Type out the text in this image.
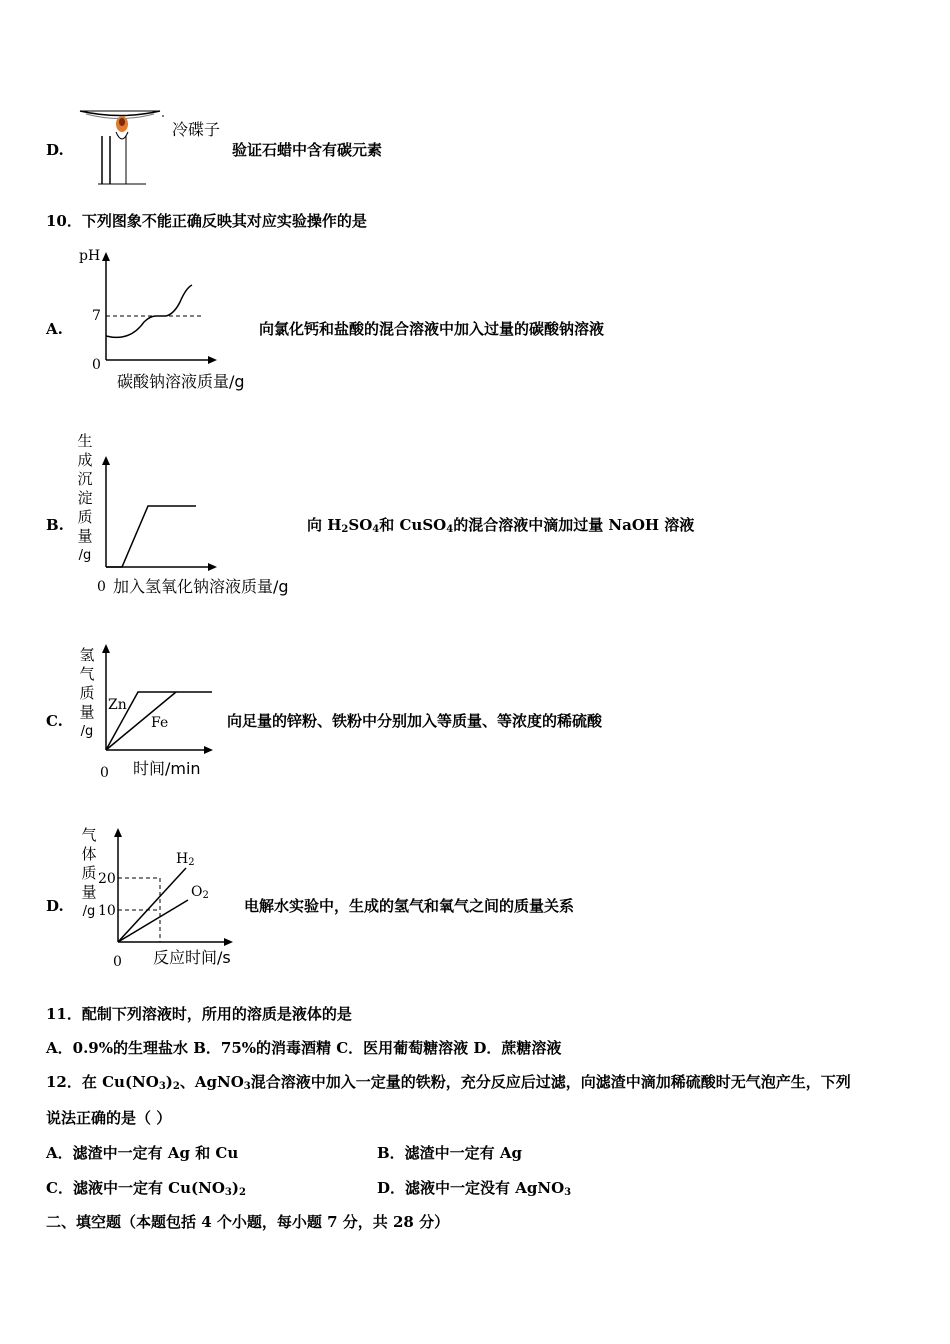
D.
冷碟子
验证石蜡中含有碳元素
10．下列图象不能正确反映其对应实验操作的是
A.
pH
7
0
碳酸钠溶液质量/g
向氯化钙和盐酸的混合溶液中加入过量的碳酸钠溶液
B.
生
成
沉
淀
质
量
/g
0 加入氢氧化钠溶液质量/g
向 $H_2SO_4$和 CuSO$_4$的混合溶液中滴加过量 NaOH 溶液
C.
氢
气
质
量
/g
Zn
Fe
0 时间/min
向足量的锌粉、铁粉中分别加入等质量、等浓度的稀硫酸
D.
气
体
质
量
/g
20
10
$H_2$
$O_2$
0 反应时间/s
电解水实验中，生成的氢气和氧气之间的质量关系
11．配制下列溶液时，所用的溶质是液体的是
A．0.9%的生理盐水 B．75%的消毒酒精 C．医用葡萄糖溶液 D．蔗糖溶液
12．在 $Cu(NO_3)_2$、AgNO$_3$混合溶液中加入一定量的铁粉，充分反应后过滤，向滤渣中滴加稀硫酸时无气泡产生，下列
说法正确的是（ ）
A．滤渣中一定有 Ag 和 Cu	B．滤渣中一定有 Ag
C．滤液中一定有 $Cu(NO_3)_2$	D．滤液中一定没有 AgNO$_3$
二、填空题（本题包括 4 个小题，每小题 7 分，共 28 分）
